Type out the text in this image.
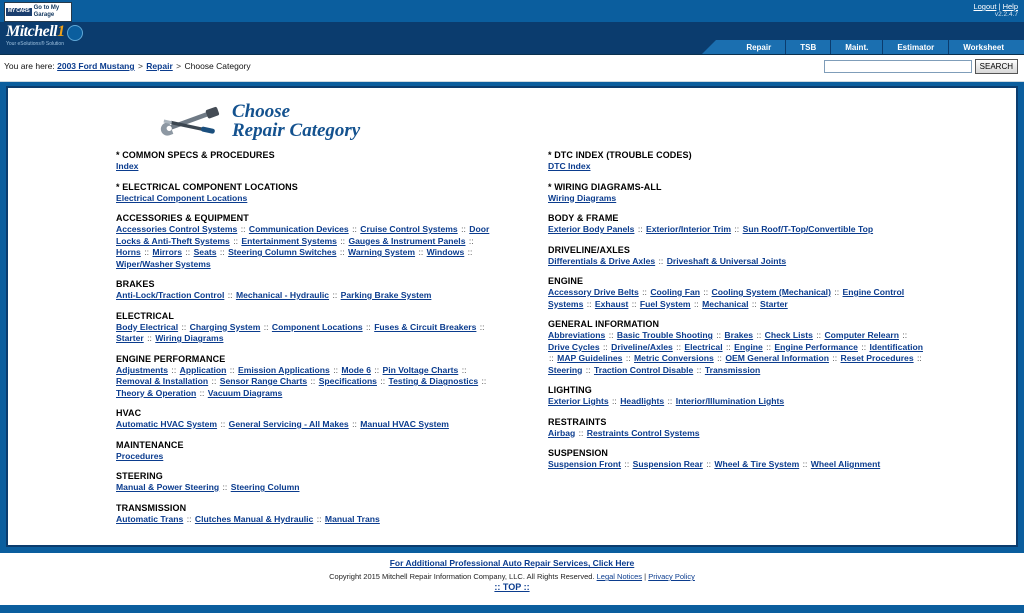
MY CARS
Go to My
Garage
Logout | Help
v2.2.4.7
Mitchell1
Your eSolutions® Solution	Repair	TSB	Maint.	Estimator	Worksheet
You are here: 2003 Ford Mustang > Repair > Choose Category	SEARCH
Choose
Repair Category
* COMMON SPECS & PROCEDURES
Index
* ELECTRICAL COMPONENT LOCATIONS
Electrical Component Locations
ACCESSORIES & EQUIPMENT
Accessories Control Systems :: Communication Devices :: Cruise Control Systems :: Door Locks & Anti-Theft Systems :: Entertainment Systems :: Gauges & Instrument Panels :: Horns :: Mirrors :: Seats :: Steering Column Switches :: Warning System :: Windows :: Wiper/Washer Systems
BRAKES
Anti-Lock/Traction Control :: Mechanical - Hydraulic :: Parking Brake System
ELECTRICAL
Body Electrical :: Charging System :: Component Locations :: Fuses & Circuit Breakers :: Starter :: Wiring Diagrams
ENGINE PERFORMANCE
Adjustments :: Application :: Emission Applications :: Mode 6 :: Pin Voltage Charts :: Removal & Installation :: Sensor Range Charts :: Specifications :: Testing & Diagnostics :: Theory & Operation :: Vacuum Diagrams
HVAC
Automatic HVAC System :: General Servicing - All Makes :: Manual HVAC System
MAINTENANCE
Procedures
STEERING
Manual & Power Steering :: Steering Column
TRANSMISSION
Automatic Trans :: Clutches Manual & Hydraulic :: Manual Trans
* DTC INDEX (TROUBLE CODES)
DTC Index
* WIRING DIAGRAMS-ALL
Wiring Diagrams
BODY & FRAME
Exterior Body Panels :: Exterior/Interior Trim :: Sun Roof/T-Top/Convertible Top
DRIVELINE/AXLES
Differentials & Drive Axles :: Driveshaft & Universal Joints
ENGINE
Accessory Drive Belts :: Cooling Fan :: Cooling System (Mechanical) :: Engine Control Systems :: Exhaust :: Fuel System :: Mechanical :: Starter
GENERAL INFORMATION
Abbreviations :: Basic Trouble Shooting :: Brakes :: Check Lists :: Computer Relearn :: Drive Cycles :: Driveline/Axles :: Electrical :: Engine :: Engine Performance :: Identification :: MAP Guidelines :: Metric Conversions :: OEM General Information :: Reset Procedures :: Steering :: Traction Control Disable :: Transmission
LIGHTING
Exterior Lights :: Headlights :: Interior/Illumination Lights
RESTRAINTS
Airbag :: Restraints Control Systems
SUSPENSION
Suspension Front :: Suspension Rear :: Wheel & Tire System :: Wheel Alignment
For Additional Professional Auto Repair Services, Click Here
Copyright 2015 Mitchell Repair Information Company, LLC. All Rights Reserved. Legal Notices | Privacy Policy
:: TOP ::
